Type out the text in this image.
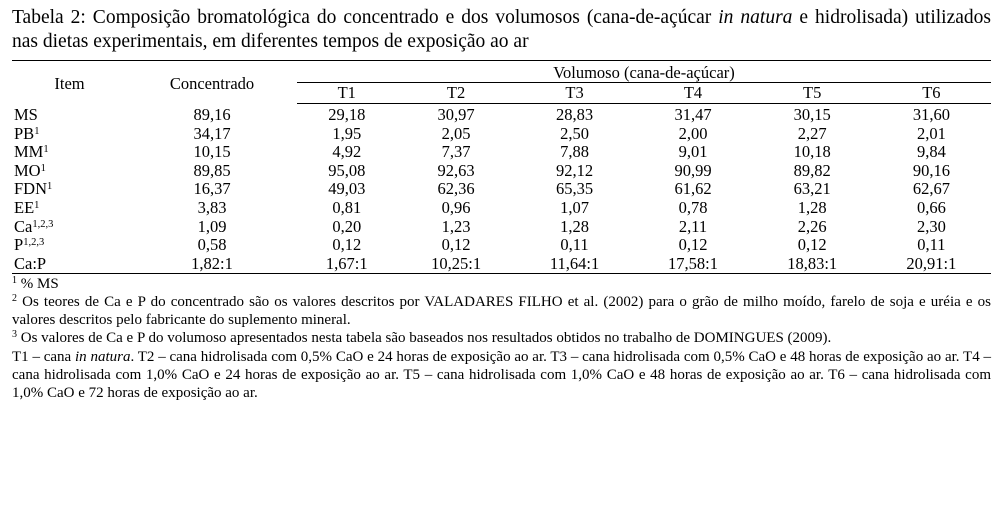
Tabela 2: Composição bromatológica do concentrado e dos volumosos (cana-de-açúcar in natura e hidrolisada) utilizados nas dietas experimentais, em diferentes tempos de exposição ao ar

Item	Concentrado	Volumoso (cana-de-açúcar)					
		T1	T2	T3	T4	T5	T6
MS	89,16	29,18	30,97	28,83	31,47	30,15	31,60
$PB^1$	34,17	1,95	2,05	2,50	2,00	2,27	2,01
$MM^1$	10,15	4,92	7,37	7,88	9,01	10,18	9,84
$MO^1$	89,85	95,08	92,63	92,12	90,99	89,82	90,16
FDN$^1$	16,37	49,03	62,36	65,35	61,62	63,21	62,67
$EE^1$	3,83	0,81	0,96	1,07	0,78	1,28	0,66
Ca$^{1,2,3}$	1,09	0,20	1,23	1,28	2,11	2,26	2,30
P$^{1,2,3}$	0,58	0,12	0,12	0,11	0,12	0,12	0,11
Ca:P	1,82:1	1,67:1	10,25:1	11,64:1	17,58:1	18,83:1	20,91:1

$^1$ % MS

$^2$ Os teores de Ca e P do concentrado são os valores descritos por VALADARES FILHO et al. (2002) para o grão de milho moído, farelo de soja e uréia e os valores descritos pelo fabricante do suplemento mineral.

$^3$ Os valores de Ca e P do volumoso apresentados nesta tabela são baseados nos resultados obtidos no trabalho de DOMINGUES (2009).

T1 – cana in natura. T2 – cana hidrolisada com 0,5% CaO e 24 horas de exposição ao ar. T3 – cana hidrolisada com 0,5% CaO e 48 horas de exposição ao ar. T4 – cana hidrolisada com 1,0% CaO e 24 horas de exposição ao ar. T5 – cana hidrolisada com 1,0% CaO e 48 horas de exposição ao ar. T6 – cana hidrolisada com 1,0% CaO e 72 horas de exposição ao ar.
